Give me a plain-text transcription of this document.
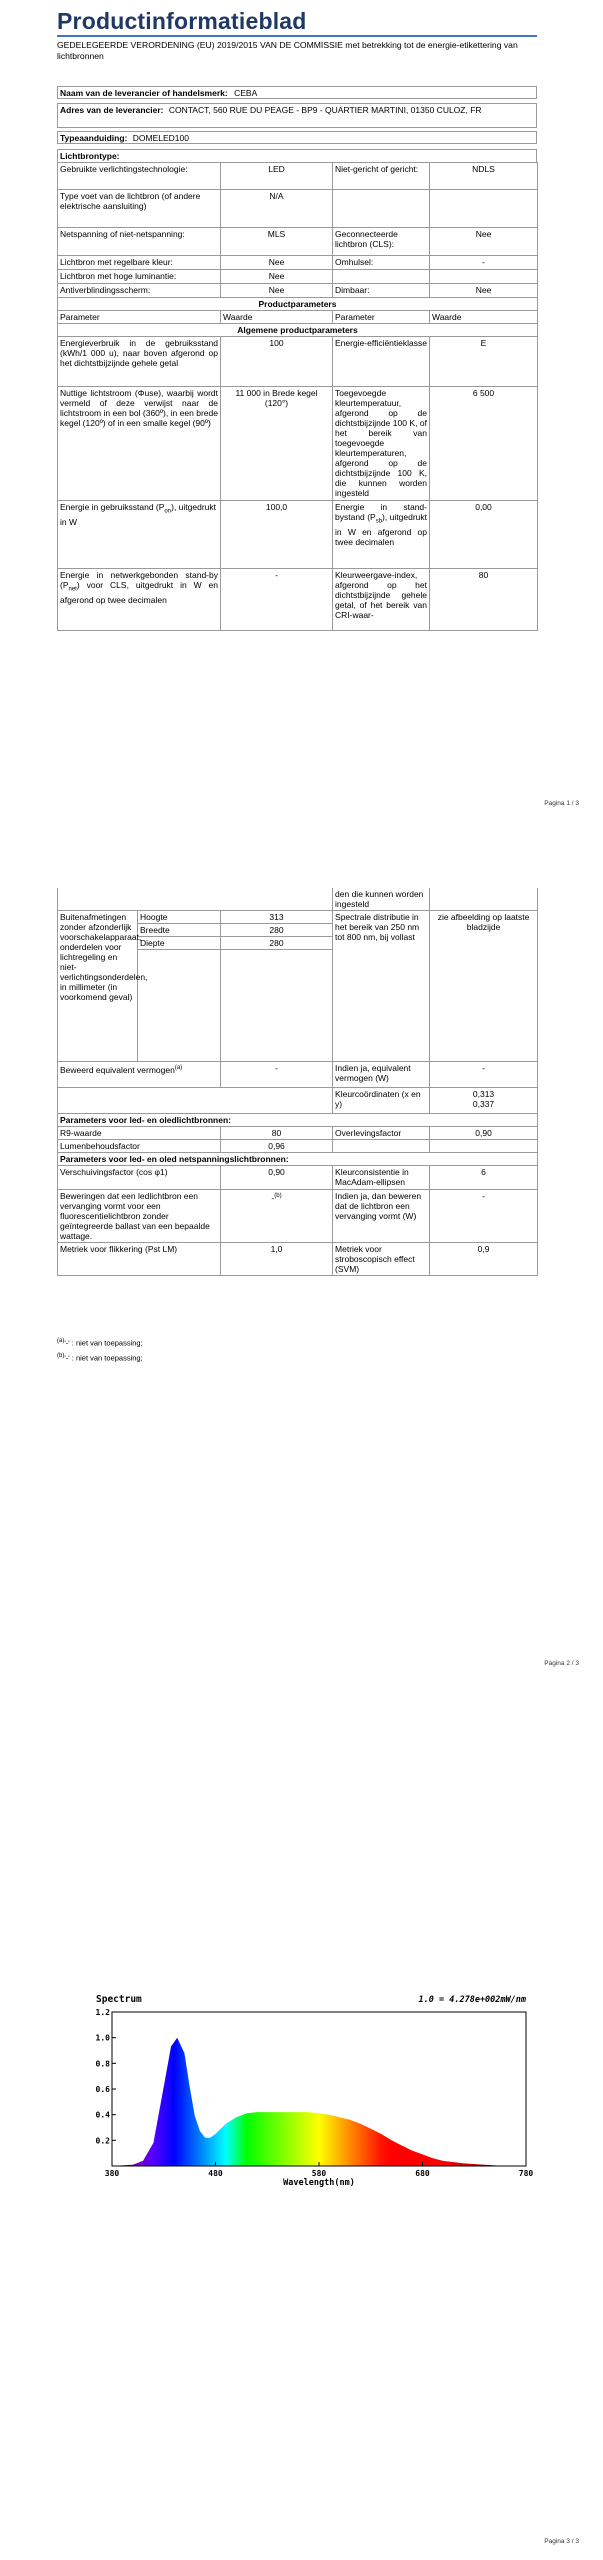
Productinformatieblad
GEDELEGEERDE VERORDENING (EU) 2019/2015 VAN DE COMMISSIE met betrekking tot de energie-etikettering van lichtbronnen
Naam van de leverancier of handelsmerk: CEBA
Adres van de leverancier: CONTACT, 560 RUE DU PEAGE - BP9 - QUARTIER MARTINI, 01350 CULOZ, FR
Typeaanduiding: DOMELED100
Lichtbrontype:
Gebruikte verlichtingstechnologie:	LED	Niet-gericht of gericht:	NDLS
Type voet van de lichtbron (of andere elektrische aansluiting)	N/A		
Netspanning of niet-netspanning:	MLS	Geconnecteerde lichtbron (CLS):	Nee
Lichtbron met regelbare kleur:	Nee	Omhulsel:	-
Lichtbron met hoge luminantie:	Nee		
Antiverblindingsscherm:	Nee	Dimbaar:	Nee
Productparameters			
Parameter	Waarde	Parameter	Waarde
Algemene productparameters			
Energieverbruik in de gebruiksstand (kWh/1 000 u), naar boven afgerond op het dichtstbijzijnde gehele getal	100	Energie-efficiëntieklasse	E
Nuttige lichtstroom (Φuse), waarbij wordt vermeld of deze verwijst naar de lichtstroom in een bol (360º), in een brede kegel (120º) of in een smalle kegel (90º)	11 000 in Brede kegel (120°)	Toegevoegde kleurtemperatuur, afgerond op de dichtstbijzijnde 100 K, of het bereik van toegevoegde kleurtemperaturen, afgerond op de dichtstbijzijnde 100 K, die kunnen worden ingesteld	6 500
Energie in gebruiksstand $(P_{on})$, uitgedrukt in W	100,0	Energie in stand-bystand $(P_{sb})$, uitgedrukt in W en afgerond op twee decimalen	0,00
Energie in netwerkgebonden stand-by $(P_{net})$ voor CLS, uitgedrukt in W en afgerond op twee decimalen	-	Kleurweergave-index, afgerond op het dichtstbijzijnde gehele getal, of het bereik van CRI-waar-	80
Pagina 1 / 3
			den die kunnen worden ingesteld	
Buitenafmetingen zonder afzonderlijk voorschakelapparaat, onderdelen voor lichtregeling en niet-verlichtingsonderdelen, in millimeter (in voorkomend geval)	Hoogte	313	Spectrale distributie in het bereik van 250 nm tot 800 nm, bij vollast	zie afbeelding op laatste bladzijde
	Breedte	280		
	Diepte	280		

Beweerd equivalent vermogen$^{(a)}$		-	Indien ja, equivalent vermogen (W)	-
			Kleurcoördinaten (x en y)	0,313
0,337

Parameters voor led- en oledlichtbronnen:				
R9-waarde		80	Overlevingsfactor	0,90
Lumenbehoudsfactor		0,96		
Parameters voor led- en oled netspanningslichtbronnen:				
Verschuivingsfactor (cos φ1)		0,90	Kleurconsistentie in MacAdam-ellipsen	6
Beweringen dat een ledlichtbron een vervanging vormt voor een fluorescentielichtbron zonder geïntegreerde ballast van een bepaalde wattage.		-$^{(b)}$	Indien ja, dan beweren dat de lichtbron een vervanging vormt (W)	-
Metriek voor flikkering (Pst LM)		1,0	Metriek voor stroboscopisch effect (SVM)	0,9
$^{(a)}$'-' : niet van toepassing;
$^{(b)}$'-' : niet van toepassing;
Pagina 2 / 3
Pagina 3 / 3
0.2
0.4
0.6
0.8
1.0
1.2
380	480	580	680	780
Spectrum	1.0 = 4.278e+002mW/nm
Wavelength(nm)
